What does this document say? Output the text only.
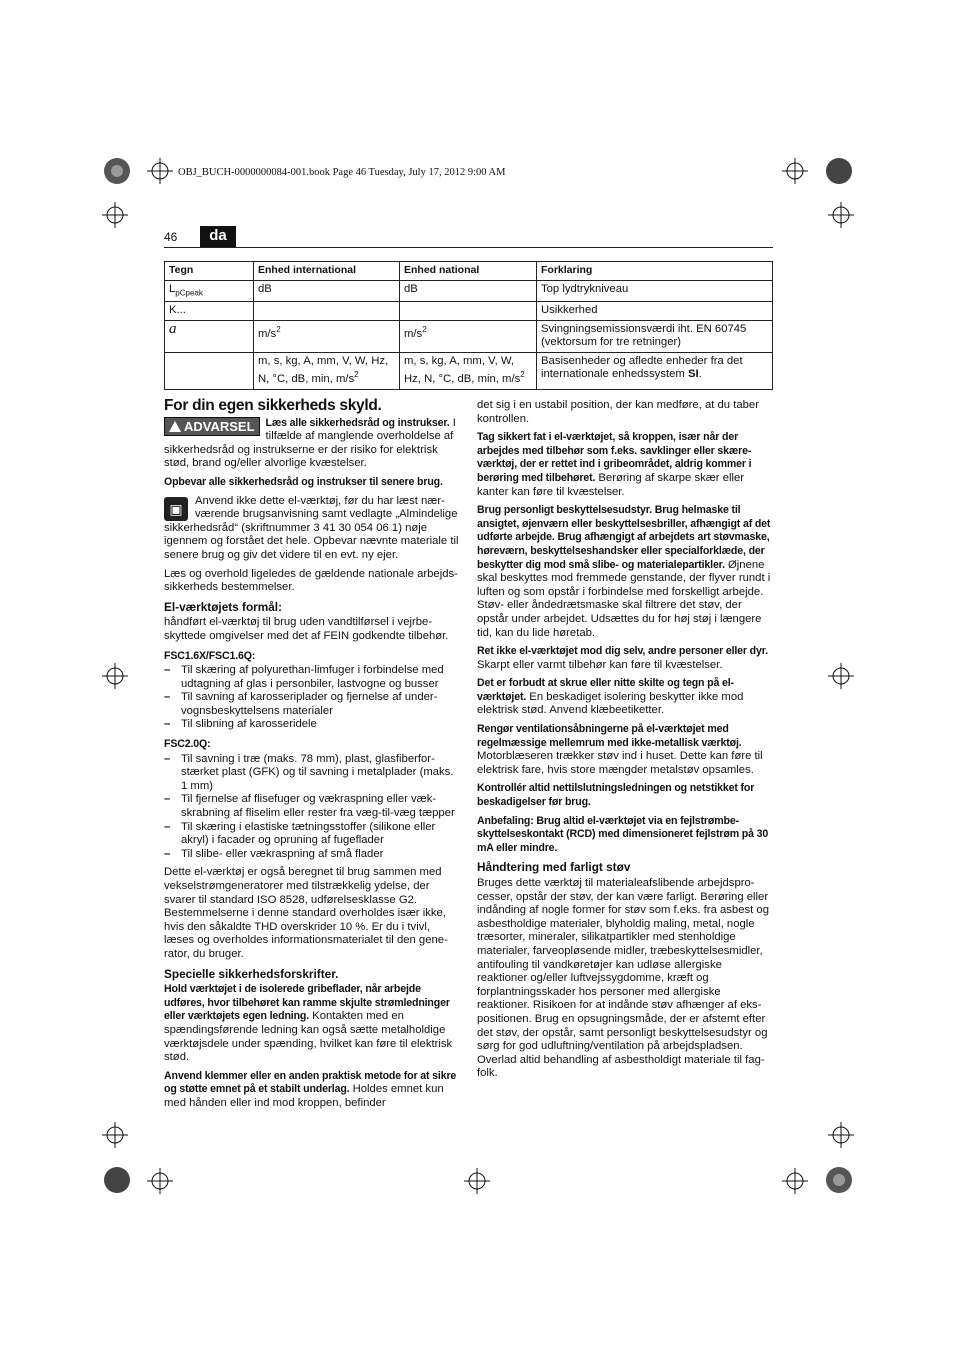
OBJ_BUCH-0000000084-001.book Page 46 Tuesday, July 17, 2012 9:00 AM
46	da
Tegn	Enhed international	Enhed national	Forklaring
$L_{pCpeak}$	dB	dB	Top lydtrykniveau
K...			Usikkerhed
a	$m/s^2$	$m/s^2$	Svingningsemissionsværdi iht. EN 60745 (vektorsum for tre retninger)
	m, s, kg, A, mm, V, W, Hz, N, °C, dB, min, $m/s^2$	m, s, kg, A, mm, V, W, Hz, N, °C, dB, min, $m/s^2$	Basisenheder og afledte enheder fra det internationale enhedssystem SI.
For din egen sikkerheds skyld.

ADVARSEL	Læs alle sikkerhedsråd og instrukser. I tilfælde af manglende overholdelse af sikkerhedsråd og instrukserne er der risiko for elektrisk stød, brand og/eller alvorlige kvæstelser.

Opbevar alle sikkerhedsråd og instrukser til senere brug.

▣	Anvend ikke dette el-værktøj, før du har læst nærværende brugsanvisning samt vedlagte „Almindelige sikkerhedsråd“ (skriftnummer 3 41 30 054 06 1) nøje igennem og forstået det hele. Opbevar nævnte materiale til senere brug og giv det videre til en evt. ny ejer.

Læs og overhold ligeledes de gældende nationale arbejdssikkerheds bestemmelser.

El-værktøjets formål:

håndført el-værktøj til brug uden vandtilførsel i vejrbeskyttede omgivelser med det af FEIN godkendte tilbehør.

FSC1.6X/FSC1.6Q:

– Til skæring af polyurethan-limfuger i forbindelse med udtagning af glas i personbiler, lastvogne og busser
– Til savning af karosseriplader og fjernelse af undervognsbeskyttelsens materialer
– Til slibning af karosseridele

FSC2.0Q:

– Til savning i træ (maks. 78 mm), plast, glasfiberforstærket plast (GFK) og til savning i metalplader (maks. 1 mm)
– Til fjernelse af flisefuger og vækraspning eller vækskrabning af fliselim eller rester fra væg-til-væg tæpper
– Til skæring i elastiske tætningsstoffer (silikone eller akryl) i facader og opruning af fugeflader
– Til slibe- eller vækraspning af små flader

Dette el-værktøj er også beregnet til brug sammen med vekselstrømgeneratorer med tilstrækkelig ydelse, der svarer til standard ISO 8528, udførelsesklasse G2. Bestemmelserne i denne standard overholdes især ikke, hvis den såkaldte THD overskrider 10 %. Er du i tvivl, læses og overholdes informationsmaterialet til den generator, du bruger.

Specielle sikkerhedsforskrifter.

Hold værktøjet i de isolerede gribeflader, når arbejde udføres, hvor tilbehøret kan ramme skjulte strømledninger eller værktøjets egen ledning. Kontakten med en spændingsførende ledning kan også sætte metalholdige værktøjsdele under spænding, hvilket kan føre til elektrisk stød.

Anvend klemmer eller en anden praktisk metode for at sikre og støtte emnet på et stabilt underlag. Holdes emnet kun med hånden eller ind mod kroppen, befinder

det sig i en ustabil position, der kan medføre, at du taber kontrollen.

Tag sikkert fat i el-værktøjet, så kroppen, især når der arbejdes med tilbehør som f.eks. savklinger eller skæreværktøj, der er rettet ind i gribeområdet, aldrig kommer i berøring med tilbehøret. Berøring af skarpe skær eller kanter kan føre til kvæstelser.

Brug personligt beskyttelsesudstyr. Brug helmaske til ansigtet, øjenværn eller beskyttelsesbriller, afhængigt af det udførte arbejde. Brug afhængigt af arbejdets art støvmaske, høreværn, beskyttelseshandsker eller specialforklæde, der beskytter dig mod små slibe- og materialepartikler. Øjnene skal beskyttes mod fremmede genstande, der flyver rundt i luften og som opstår i forbindelse med forskelligt arbejde. Støv- eller åndedrætsmaske skal filtrere det støv, der opstår under arbejdet. Udsættes du for høj støj i længere tid, kan du lide høretab.

Ret ikke el-værktøjet mod dig selv, andre personer eller dyr. Skarpt eller varmt tilbehør kan føre til kvæstelser.

Det er forbudt at skrue eller nitte skilte og tegn på el-værktøjet. En beskadiget isolering beskytter ikke mod elektrisk stød. Anvend klæbeetiketter.

Rengør ventilationsåbningerne på el-værktøjet med regelmæssige mellemrum med ikke-metallisk værktøj. Motorblæseren trækker støv ind i huset. Dette kan føre til elektrisk fare, hvis store mængder metalstøv opsamles.

Kontrollér altid nettilslutningsledningen og netstikket for beskadigelser før brug.

Anbefaling: Brug altid el-værktøjet via en fejlstrømbeskyttelseskontakt (RCD) med dimensioneret fejlstrøm på 30 mA eller mindre.

Håndtering med farligt støv

Bruges dette værktøj til materialeafslibende arbejdsprocesser, opstår der støv, der kan være farligt. Berøring eller indånding af nogle former for støv som f.eks. fra asbest og asbestholdige materialer, blyholdig maling, metal, nogle træsorter, mineraler, silikatpartikler med stenholdige materialer, farveopløsende midler, træbeskyttelsesmidler, antifouling til vandkøretøjer kan udløse allergiske reaktioner og/eller luftvejssygdomme, kræft og forplantningsskader hos personer med allergiske reaktioner. Risikoen for at indånde støv afhænger af ekspositionen. Brug en opsugningsmåde, der er afstemt efter det støv, der opstår, samt personligt beskyttelsesudstyr og sørg for god udluftning/ventilation på arbejdspladsen. Overlad altid behandling af asbestholdigt materiale til fagfolk.
